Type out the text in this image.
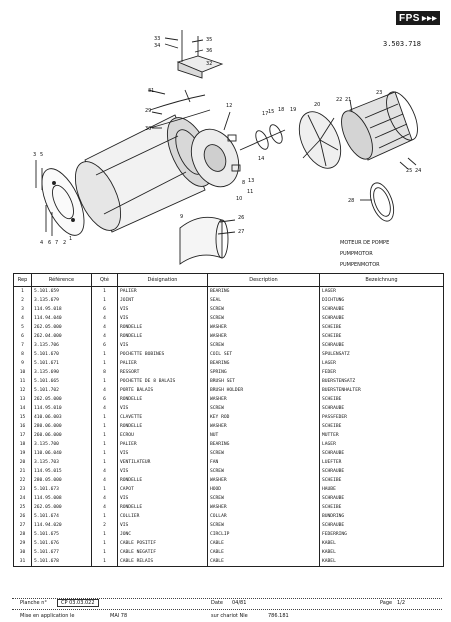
FPS ▶▶▶
3.503.718
33
34
35
36
32
31
29
30
12
17 15 18 19
20
22 21
23
3 5
14
13
9
11
10
8
26
27
28
25 24
7
6
4	2
1
MOTEUR DE POMPE
PUMPMOTOR
PUMPENMOTOR
Rep	Référence	Qté	Désignation	Description	Bezeichnung
1	5.101.659	1	PALIER	BEARING	LAGER
2	3.135.679	1	JOINT	SEAL	DICHTUNG
3	114.95.018	6	VIS	SCREW	SCHRAUBE
4	114.94.040	4	VIS	SCREW	SCHRAUBE
5	262.05.000	4	RONDELLE	WASHER	SCHEIBE
6	262.04.000	4	RONDELLE	WASHER	SCHEIBE
7	3.135.706	6	VIS	SCREW	SCHRAUBE
8	5.101.670	1	POCHETTE BOBINES	COIL SET	SPULENSATZ
9	5.101.671	1	PALIER	BEARING	LAGER
10	3.135.690	8	RESSORT	SPRING	FEDER
11	5.101.665	1	POCHETTE DE 8 BALAIS	BRUSH SET	BUERSTENSATZ
12	5.101.702	4	PORTE BALAIS	BRUSH HOLDER	BUERSTENHALTER
13	262.05.000	6	RONDELLE	WASHER	SCHEIBE
14	114.95.010	4	VIS	SCREW	SCHRAUBE
15	410.06.003	1	CLAVETTE	KEY ROD	PASSFEDER
16	280.06.000	1	RONDELLE	WASHER	SCHEIBE
17	260.06.000	1	ECROU	NUT	MUTTER
18	3.135.700	1	PALIER	BEARING	LAGER
19	110.06.040	1	VIS	SCREW	SCHRAUBE
20	3.135.703	1	VENTILATEUR	FAN	LUEFTER
21	114.95.015	4	VIS	SCREW	SCHRAUBE
22	280.05.000	4	RONDELLE	WASHER	SCHEIBE
23	5.101.673	1	CAPOT	HOOD	HAUBE
24	114.95.008	4	VIS	SCREW	SCHRAUBE
25	262.05.000	4	RONDELLE	WASHER	SCHEIBE
26	5.101.674	1	COLLIER	COLLAR	BUNDRING
27	114.94.020	2	VIS	SCREW	SCHRAUBE
28	5.101.675	1	JONC	CIRCLIP	FEDERRING
29	5.101.676	1	CABLE POSITIF	CABLE	KABEL
30	5.101.677	1	CABLE NEGATIF	CABLE	KABEL
31	5.101.678	1	CABLE RELAIS	CABLE	KABEL
Planche n°	CP 03.03.022	Date 04/81	Page 1/2
Mise en application le	MAI 78	sur chariot Nle	786.181
